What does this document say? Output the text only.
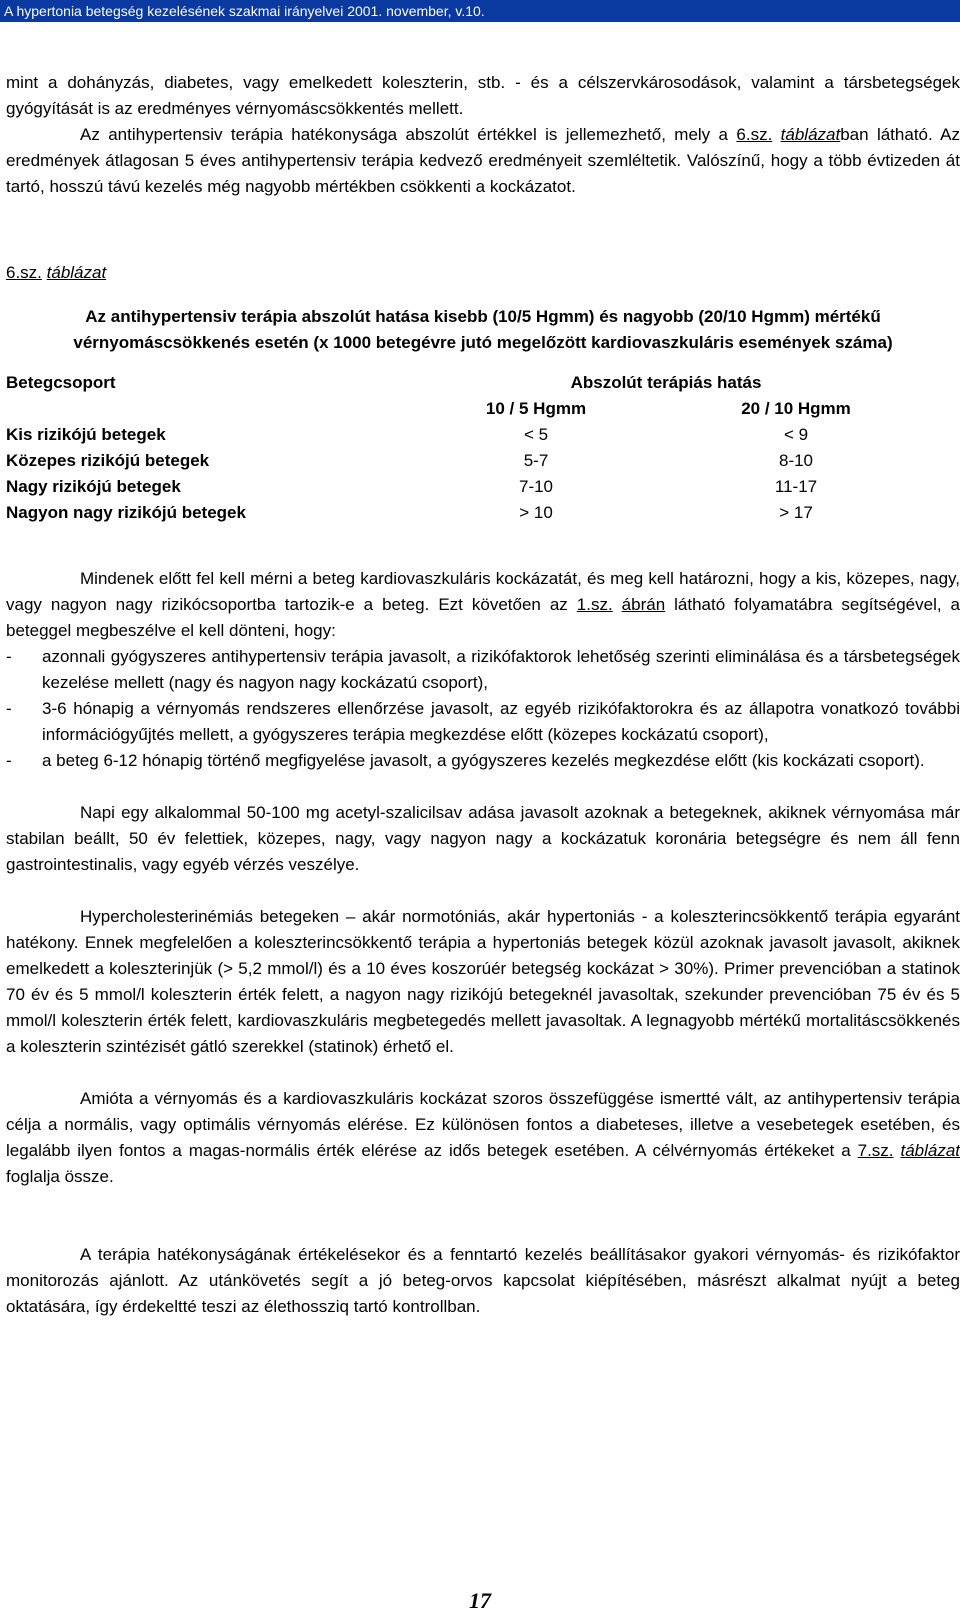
A hypertonia betegség kezelésének szakmai irányelvei 2001. november, v.10.

mint a dohányzás, diabetes, vagy emelkedett koleszterin, stb. - és a célszervkárosodások, valamint a társbetegségek gyógyítását is az eredményes vérnyomáscsökkentés mellett.

Az antihypertensiv terápia hatékonysága abszolút értékkel is jellemezhető, mely a 6.sz. táblázatban látható. Az eredmények átlagosan 5 éves antihypertensiv terápia kedvező eredményeit szemléltetik. Valószínű, hogy a több évtizeden át tartó, hosszú távú kezelés még nagyobb mértékben csökkenti a kockázatot.

6.sz. táblázat

Az antihypertensiv terápia abszolút hatása kisebb (10/5 Hgmm) és nagyobb (20/10 Hgmm) mértékű vérnyomáscsökkenés esetén (x 1000 betegévre jutó megelőzött kardiovaszkuláris események száma)

Betegcsoport	Abszolút terápiás hatás	
	10 / 5 Hgmm	20 / 10 Hgmm
Kis rizikójú betegek	< 5	< 9
Közepes rizikójú betegek	5-7	8-10
Nagy rizikójú betegek	7-10	11-17
Nagyon nagy rizikójú betegek	> 10	> 17

Mindenek előtt fel kell mérni a beteg kardiovaszkuláris kockázatát, és meg kell határozni, hogy a kis, közepes, nagy, vagy nagyon nagy rizikócsoportba tartozik-e a beteg. Ezt követően az 1.sz. ábrán látható folyamatábra segítségével, a beteggel megbeszélve el kell dönteni, hogy:

- azonnali gyógyszeres antihypertensiv terápia javasolt, a rizikófaktorok lehetőség szerinti eliminálása és a társbetegségek kezelése mellett (nagy és nagyon nagy kockázatú csoport),
- 3-6 hónapig a vérnyomás rendszeres ellenőrzése javasolt, az egyéb rizikófaktorokra és az állapotra vonatkozó további információgyűjtés mellett, a gyógyszeres terápia megkezdése előtt (közepes kockázatú csoport),
- a beteg 6-12 hónapig történő megfigyelése javasolt, a gyógyszeres kezelés megkezdése előtt (kis kockázati csoport).

Napi egy alkalommal 50-100 mg acetyl-szalicilsav adása javasolt azoknak a betegeknek, akiknek vérnyomása már stabilan beállt, 50 év felettiek, közepes, nagy, vagy nagyon nagy a kockázatuk koronária betegségre és nem áll fenn gastrointestinalis, vagy egyéb vérzés veszélye.

Hypercholesterinémiás betegeken – akár normotóniás, akár hypertoniás - a koleszterincsökkentő terápia egyaránt hatékony. Ennek megfelelően a koleszterincsökkentő terápia a hypertoniás betegek közül azoknak javasolt javasolt, akiknek emelkedett a koleszterinjük (> 5,2 mmol/l) és a 10 éves koszorúér betegség kockázat > 30%). Primer prevencióban a statinok 70 év és 5 mmol/l koleszterin érték felett, a nagyon nagy rizikójú betegeknél javasoltak, szekunder prevencióban 75 év és 5 mmol/l koleszterin érték felett, kardiovaszkuláris megbetegedés mellett javasoltak. A legnagyobb mértékű mortalitáscsökkenés a koleszterin szintézisét gátló szerekkel (statinok) érhető el.

Amióta a vérnyomás és a kardiovaszkuláris kockázat szoros összefüggése ismertté vált, az antihypertensiv terápia célja a normális, vagy optimális vérnyomás elérése. Ez különösen fontos a diabeteses, illetve a vesebetegek esetében, és legalább ilyen fontos a magas-normális érték elérése az idős betegek esetében. A célvérnyomás értékeket a 7.sz. táblázat foglalja össze.

A terápia hatékonyságának értékelésekor és a fenntartó kezelés beállításakor gyakori vérnyomás- és rizikófaktor monitorozás ajánlott. Az utánkövetés segít a jó beteg-orvos kapcsolat kiépítésében, másrészt alkalmat nyújt a beteg oktatására, így érdekeltté teszi az élethossziq tartó kontrollban.

17
